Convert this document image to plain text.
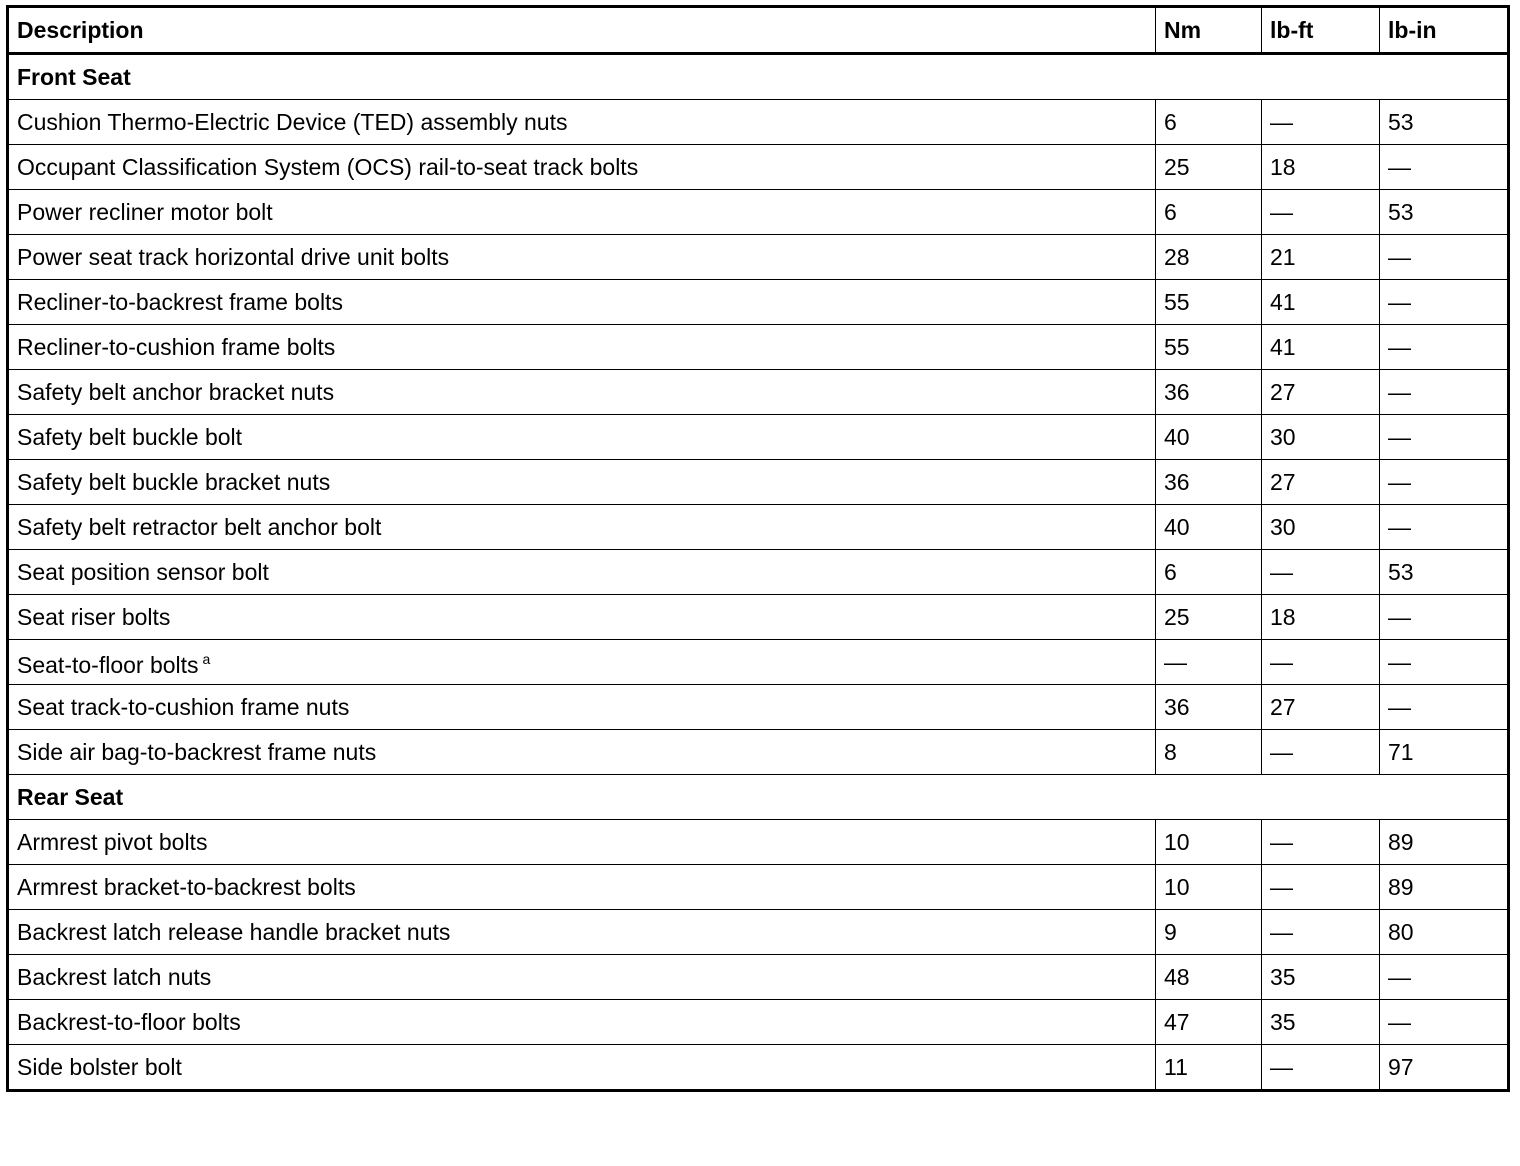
Description	Nm	lb-ft	lb-in
Front Seat			
Cushion Thermo-Electric Device (TED) assembly nuts	6	—	53
Occupant Classification System (OCS) rail-to-seat track bolts	25	18	—
Power recliner motor bolt	6	—	53
Power seat track horizontal drive unit bolts	28	21	—
Recliner-to-backrest frame bolts	55	41	—
Recliner-to-cushion frame bolts	55	41	—
Safety belt anchor bracket nuts	36	27	—
Safety belt buckle bolt	40	30	—
Safety belt buckle bracket nuts	36	27	—
Safety belt retractor belt anchor bolt	40	30	—
Seat position sensor bolt	6	—	53
Seat riser bolts	25	18	—
Seat-to-floor bolts $^a$	—	—	—
Seat track-to-cushion frame nuts	36	27	—
Side air bag-to-backrest frame nuts	8	—	71
Rear Seat			
Armrest pivot bolts	10	—	89
Armrest bracket-to-backrest bolts	10	—	89
Backrest latch release handle bracket nuts	9	—	80
Backrest latch nuts	48	35	—
Backrest-to-floor bolts	47	35	—
Side bolster bolt	11	—	97
